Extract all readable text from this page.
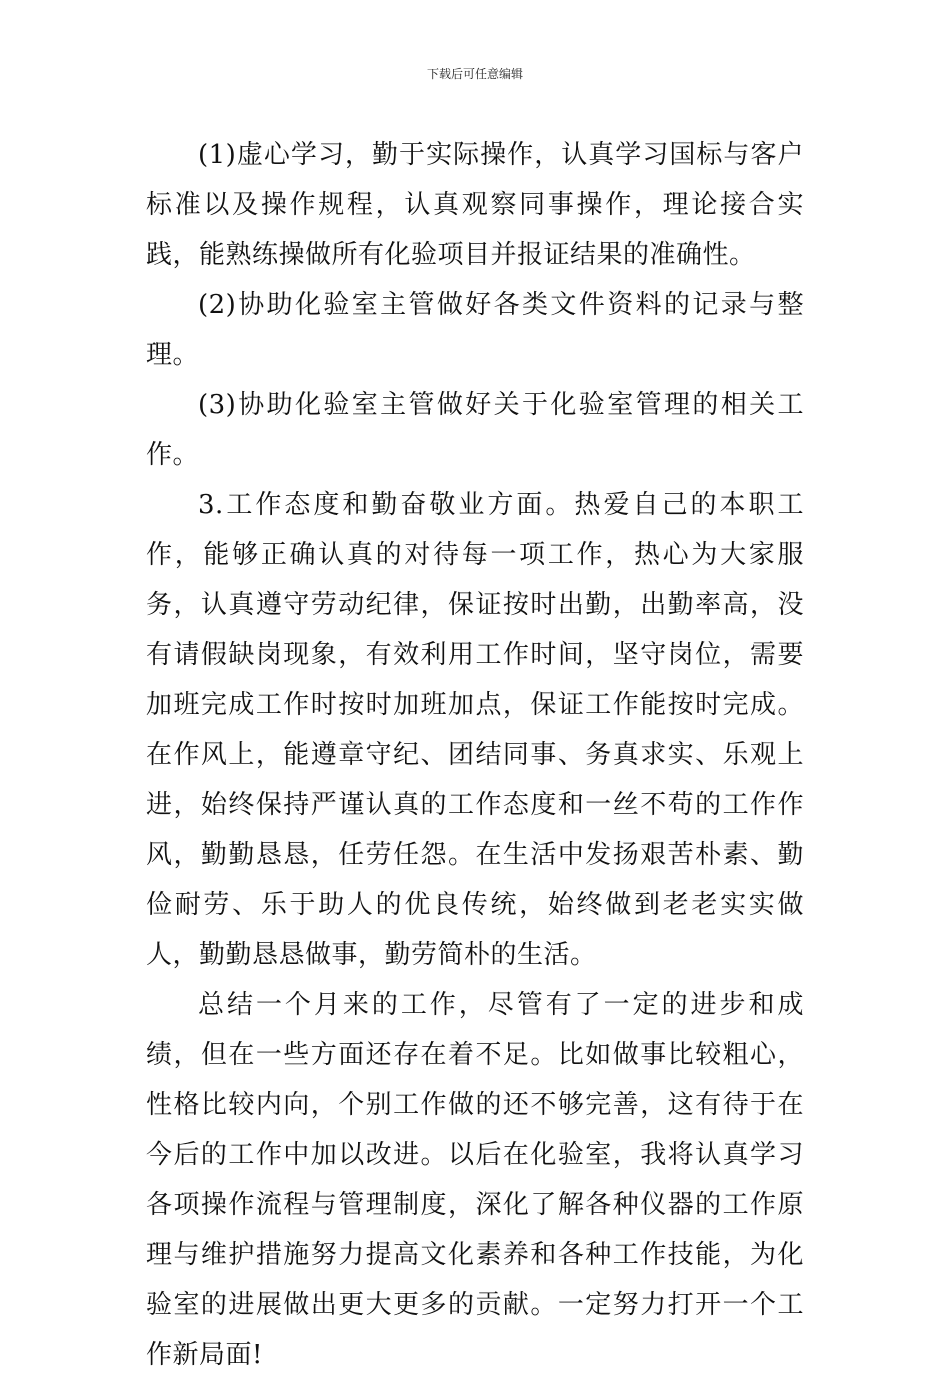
下载后可任意编辑

(1)虚心学习，勤于实际操作，认真学习国标与客户标准以及操作规程，认真观察同事操作，理论接合实践，能熟练操做所有化验项目并报证结果的准确性。

(2)协助化验室主管做好各类文件资料的记录与整理。

(3)协助化验室主管做好关于化验室管理的相关工作。

3.工作态度和勤奋敬业方面。热爱自己的本职工作，能够正确认真的对待每一项工作，热心为大家服务，认真遵守劳动纪律，保证按时出勤，出勤率高，没有请假缺岗现象，有效利用工作时间，坚守岗位，需要加班完成工作时按时加班加点，保证工作能按时完成。在作风上，能遵章守纪、团结同事、务真求实、乐观上进，始终保持严谨认真的工作态度和一丝不苟的工作作风，勤勤恳恳，任劳任怨。在生活中发扬艰苦朴素、勤俭耐劳、乐于助人的优良传统，始终做到老老实实做人，勤勤恳恳做事，勤劳简朴的生活。

总结一个月来的工作，尽管有了一定的进步和成绩，但在一些方面还存在着不足。比如做事比较粗心，性格比较内向，个别工作做的还不够完善，这有待于在今后的工作中加以改进。以后在化验室，我将认真学习各项操作流程与管理制度，深化了解各种仪器的工作原理与维护措施努力提高文化素养和各种工作技能，为化验室的进展做出更大更多的贡献。一定努力打开一个工作新局面!
